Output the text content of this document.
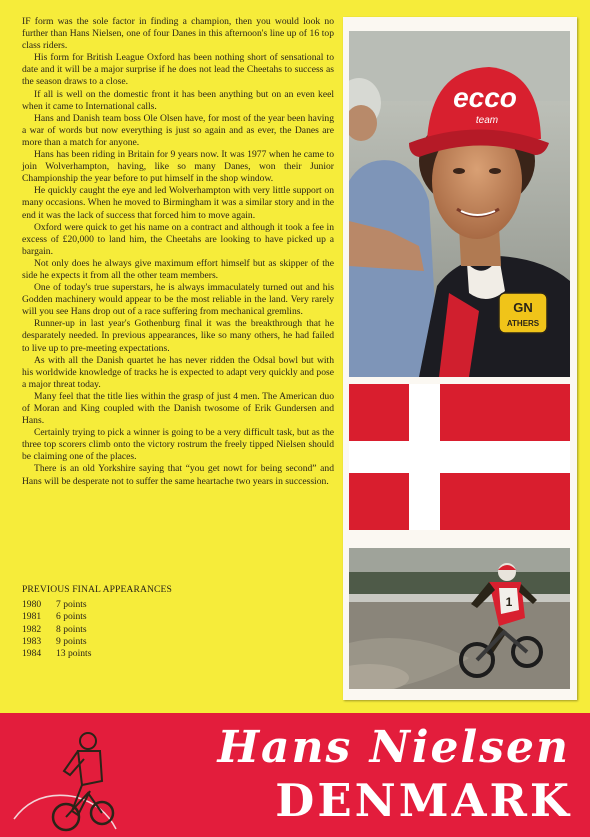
IF form was the sole factor in finding a champion, then you would look no further than Hans Nielsen, one of four Danes in this afternoon's line up of 16 top class riders.

His form for British League Oxford has been nothing short of sensational to date and it will be a major surprise if he does not lead the Cheetahs to success as the season draws to a close.

If all is well on the domestic front it has been anything but on an even keel when it came to International calls.

Hans and Danish team boss Ole Olsen have, for most of the year been having a war of words but now everything is just so again and as ever, the Danes are more than a match for anyone.

Hans has been riding in Britain for 9 years now. It was 1977 when he came to join Wolverhampton, having, like so many Danes, won their Junior Championship the year before to put himself in the shop window.

He quickly caught the eye and led Wolverhampton with very little support on many occasions. When he moved to Birmingham it was a similar story and in the end it was the lack of success that forced him to move again.

Oxford were quick to get his name on a contract and although it took a fee in excess of £20,000 to land him, the Cheetahs are looking to have picked up a bargain.

Not only does he always give maximum effort himself but as skipper of the side he expects it from all the other team members.

One of today's true superstars, he is always immaculately turned out and his Godden machinery would appear to be the most reliable in the land. Very rarely will you see Hans drop out of a race suffering from mechanical gremlins.

Runner-up in last year's Gothenburg final it was the breakthrough that he desparately needed. In previous appearances, like so many others, he had failed to live up to pre-meeting expectations.

As with all the Danish quartet he has never ridden the Odsal bowl but with his worldwide knowledge of tracks he is expected to adapt very quickly and pose a major threat today.

Many feel that the title lies within the grasp of just 4 men. The American duo of Moran and King coupled with the Danish twosome of Erik Gundersen and Hans.

Certainly trying to pick a winner is going to be a very difficult task, but as the three top scorers climb onto the victory rostrum the freely tipped Nielsen should be claiming one of the places.

There is an old Yorkshire saying that “you get nowt for being second” and Hans will be desperate not to suffer the same heartache two years in succession.

PREVIOUS FINAL APPEARANCES
1980	7 points
1981	6 points
1982	8 points
1983	9 points
1984	13 points
GN
ATHERS
ecco
team
1
Hans Nielsen
DENMARK
